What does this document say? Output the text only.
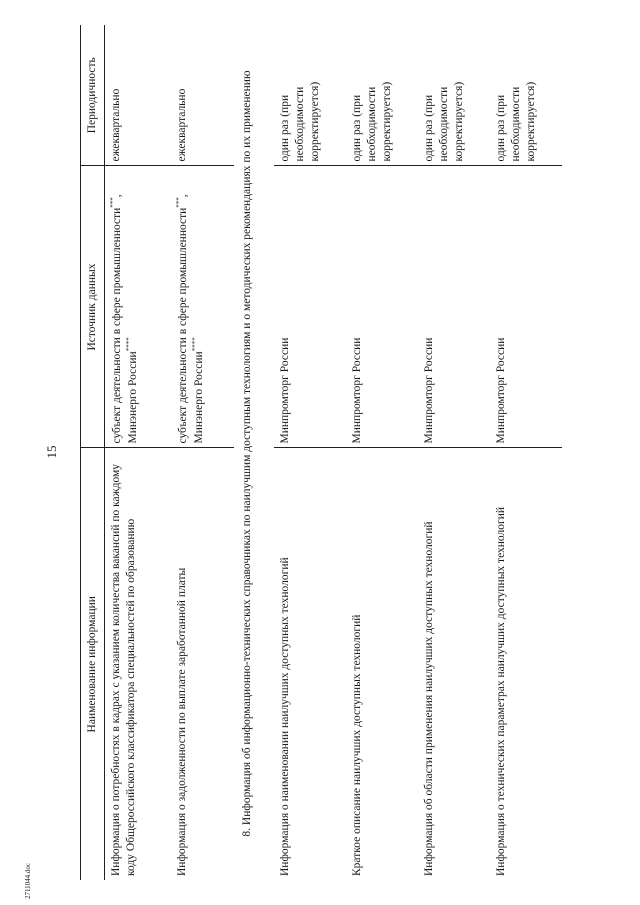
15
2711044.doc
Наименование информации	Источник данных	Периодичность
Информация о потребностях в кадрах с указанием количества вакансий по каждому коду Общероссийского классификатора специальностей по образованию	субъект деятельности в сфере промышленности***, Минэнерго России****	ежеквартально
Информация о задолженности по выплате заработанной платы	субъект деятельности в сфере промышленности***, Минэнерго России****	ежеквартально
8. Информация об информационно-технических справочниках по наилучшим доступным технологиям и о методических рекомендациях по их применению		
Информация о наименовании наилучших доступных технологий	Минпромторг России	один раз (при необходимости корректируется)
Краткое описание наилучших доступных технологий	Минпромторг России	один раз (при необходимости корректируется)
Информация об области применения наилучших доступных технологий	Минпромторг России	один раз (при необходимости корректируется)
Информация о технических параметрах наилучших доступных технологий	Минпромторг России	один раз (при необходимости корректируется)
